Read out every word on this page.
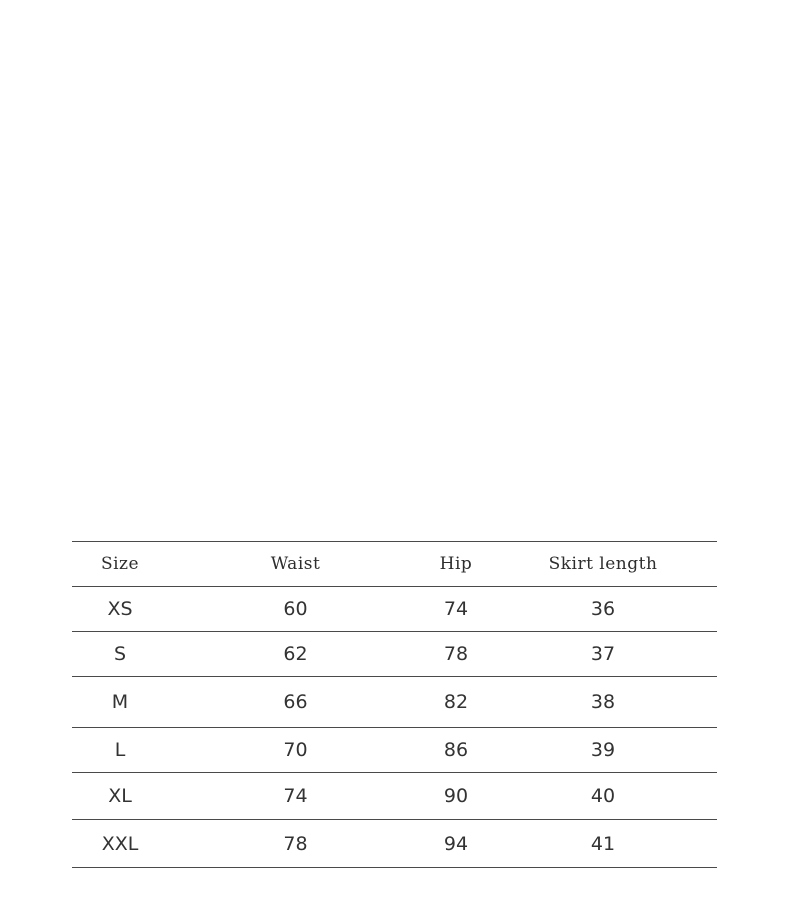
Size	Waist	Hip	Skirt length
XS	60	74	36
S	62	78	37
M	66	82	38
L	70	86	39
XL	74	90	40
XXL	78	94	41
